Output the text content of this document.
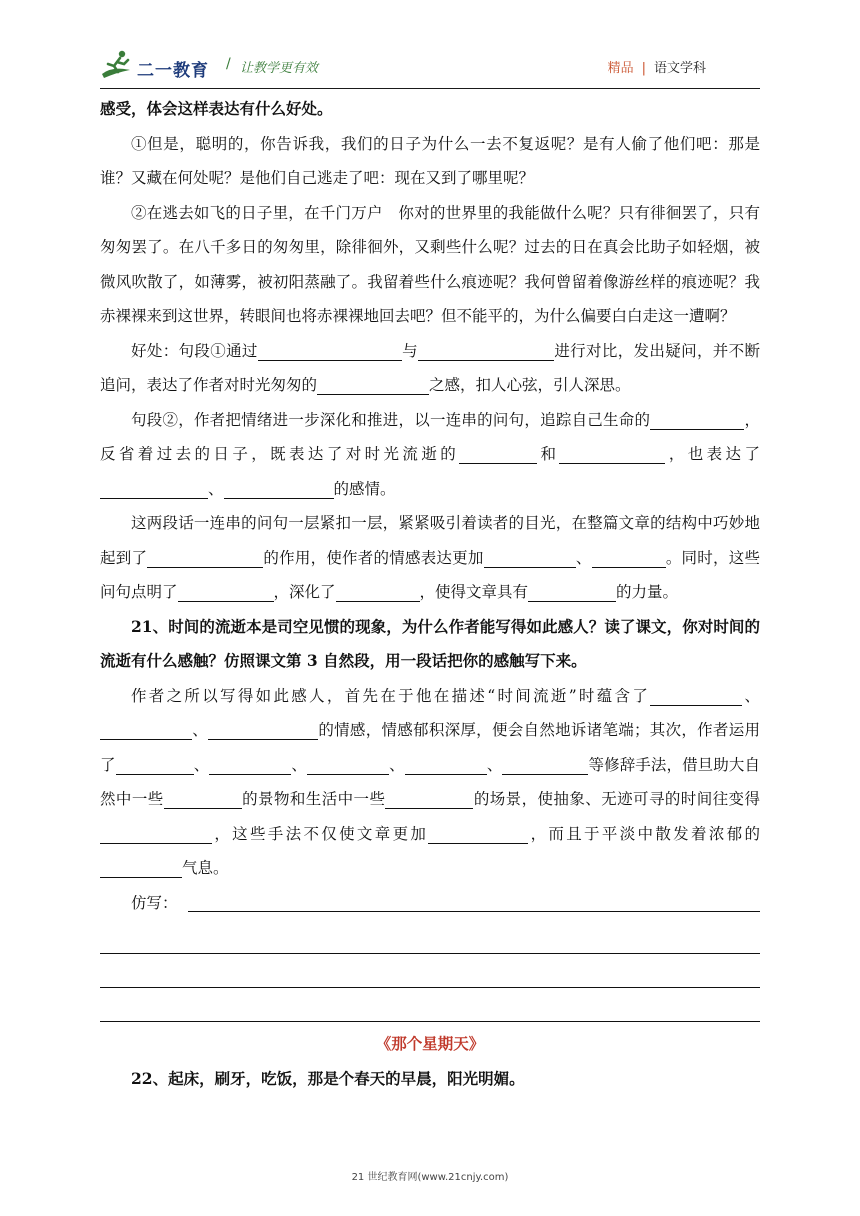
二一教育 / 让教学更有效	精品 | 语文学科

感受，体会这样表达有什么好处。

①但是，聪明的，你告诉我，我们的日子为什么一去不复返呢？是有人偷了他们吧：那是谁？又藏在何处呢？是他们自己逃走了吧：现在又到了哪里呢？

②在逃去如飞的日子里，在千门万户　你对的世界里的我能做什么呢？只有徘徊罢了，只有匆匆罢了。在八千多日的匆匆里，除徘徊外，又剩些什么呢？过去的日在真会比助子如轻烟，被微风吹散了，如薄雾，被初阳蒸融了。我留着些什么痕迹呢？我何曾留着像游丝样的痕迹呢？我赤裸裸来到这世界，转眼间也将赤裸裸地回去吧？但不能平的，为什么偏要白白走这一遭啊？

好处：句段①通过	与	进行对比，发出疑问，并不断追问，表达了作者对时光匆匆的	之感，扣人心弦，引人深思。

句段②，作者把情绪进一步深化和推进，以一连串的问句，追踪自己生命的	，反省着过去的日子，既表达了对时光流逝的	和	，也表达了、	的感情。

这两段话一连串的问句一层紧扣一层，紧紧吸引着读者的目光，在整篇文章的结构中巧妙地起到了	的作用，使作者的情感表达更加	、	。同时，这些问句点明了	，深化了	，使得文章具有	的力量。

21、时间的流逝本是司空见惯的现象，为什么作者能写得如此感人？读了课文，你对时间的流逝有什么感触？仿照课文第 3 自然段，用一段话把你的感触写下来。

作者之所以写得如此感人，首先在于他在描述“时间流逝”时蕴含了	、、	的情感，情感郁积深厚，便会自然地诉诸笔端；其次，作者运用了	、	、	、	、	等修辞手法，借旦助大自然中一些	的景物和生活中一些	的场景，使抽象、无迹可寻的时间往变得，这些手法不仅使文章更加	，而且于平淡中散发着浓郁的气息。

仿写：
《那个星期天》

22、起床，刷牙，吃饭，那是个春天的早晨，阳光明媚。

21 世纪教育网(www.21cnjy.com)
